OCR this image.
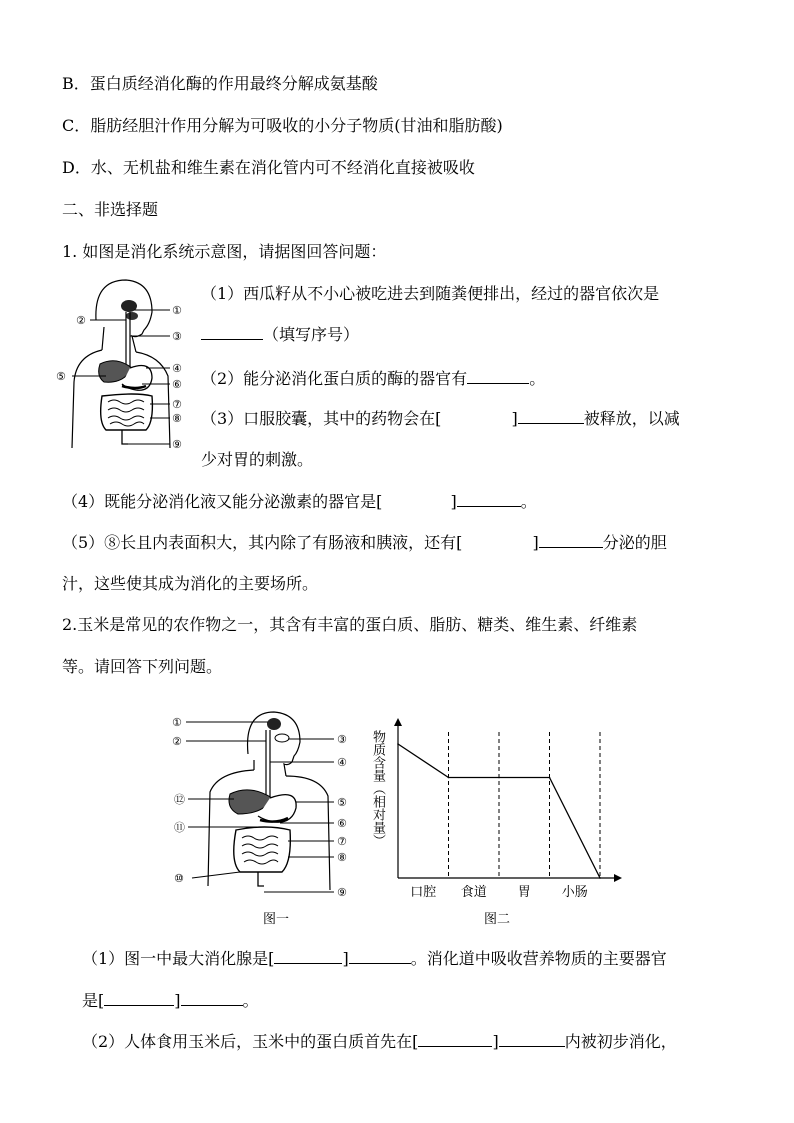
B．蛋白质经消化酶的作用最终分解成氨基酸
C．脂肪经胆汁作用分解为可吸收的小分子物质(甘油和脂肪酸)
D．水、无机盐和维生素在消化管内可不经消化直接被吸收
二、非选择题
1. 如图是消化系统示意图，请据图回答问题：
①
②
③
④
⑤
⑥
⑦
⑧
⑨
（1）西瓜籽从不小心被吃进去到随粪便排出，经过的器官依次是
（填写序号）
（2）能分泌消化蛋白质的酶的器官有	。
（3）口服胶囊，其中的药物会在[	]	被释放，以减
少对胃的刺激。
（4）既能分泌消化液又能分泌激素的器官是[	]	。
（5）⑧长且内表面积大，其内除了有肠液和胰液，还有[	]	分泌的胆
汁，这些使其成为消化的主要场所。
2.玉米是常见的农作物之一，其含有丰富的蛋白质、脂肪、糖类、维生素、纤维素
等。请回答下列问题。
①
②	③
④
⑤
⑥
⑦
⑧
⑨
⑩
⑪
⑫
图一
口腔 食道 胃 小肠
物质含量（相对量）
图二
（1）图一中最大消化腺是[	]	。消化道中吸收营养物质的主要器官
是[	]	。
（2）人体食用玉米后，玉米中的蛋白质首先在[	]	内被初步消化，
